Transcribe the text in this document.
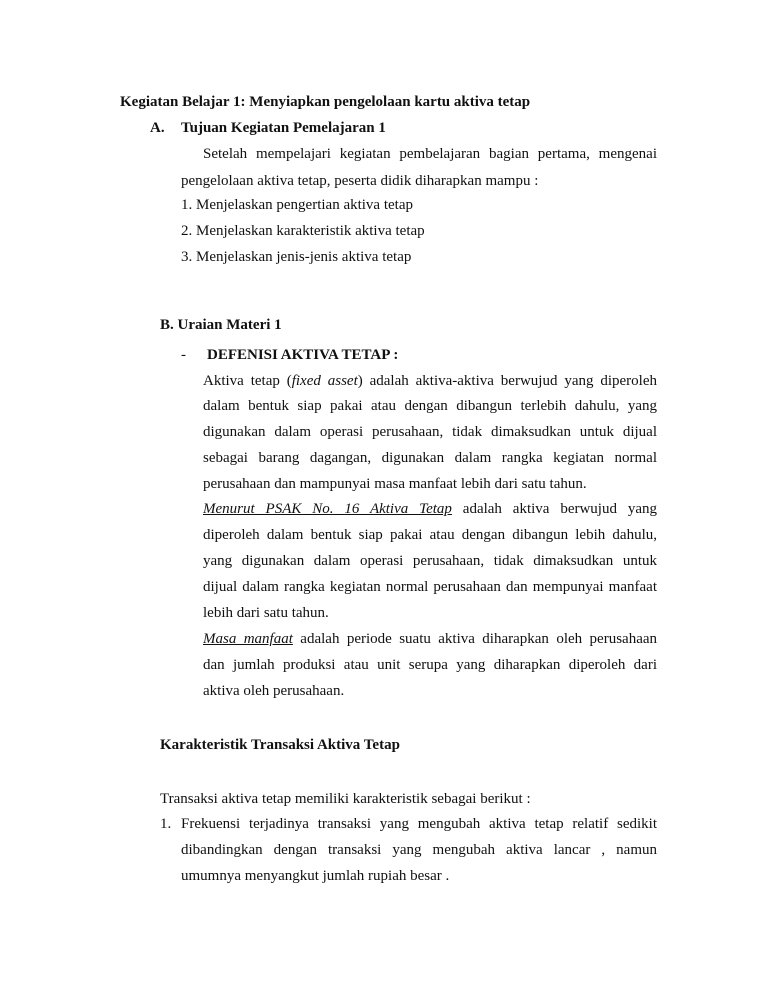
Kegiatan Belajar 1: Menyiapkan pengelolaan kartu aktiva tetap
A. Tujuan Kegiatan Pemelajaran 1
Setelah mempelajari kegiatan pembelajaran bagian pertama, mengenai
pengelolaan aktiva tetap, peserta didik diharapkan mampu :
1. Menjelaskan pengertian aktiva tetap
2. Menjelaskan karakteristik aktiva tetap
3. Menjelaskan jenis-jenis aktiva tetap
B. Uraian Materi 1
- DEFENISI AKTIVA TETAP :
Aktiva tetap (fixed asset) adalah aktiva-aktiva berwujud yang diperoleh
dalam bentuk siap pakai atau dengan dibangun terlebih dahulu, yang
digunakan dalam operasi perusahaan, tidak dimaksudkan untuk dijual
sebagai barang dagangan, digunakan dalam rangka kegiatan normal
perusahaan dan mampunyai masa manfaat lebih dari satu tahun.
Menurut PSAK No. 16 Aktiva Tetap adalah aktiva berwujud yang
diperoleh dalam bentuk siap pakai atau dengan dibangun lebih dahulu,
yang digunakan dalam operasi perusahaan, tidak dimaksudkan untuk
dijual dalam rangka kegiatan normal perusahaan dan mempunyai manfaat
lebih dari satu tahun.
Masa manfaat adalah periode suatu aktiva diharapkan oleh perusahaan
dan jumlah produksi atau unit serupa yang diharapkan diperoleh dari
aktiva oleh perusahaan.
Karakteristik Transaksi Aktiva Tetap
Transaksi aktiva tetap memiliki karakteristik sebagai berikut :
1. Frekuensi terjadinya transaksi yang mengubah aktiva tetap relatif sedikit
dibandingkan dengan transaksi yang mengubah aktiva lancar , namun
umumnya menyangkut jumlah rupiah besar .
